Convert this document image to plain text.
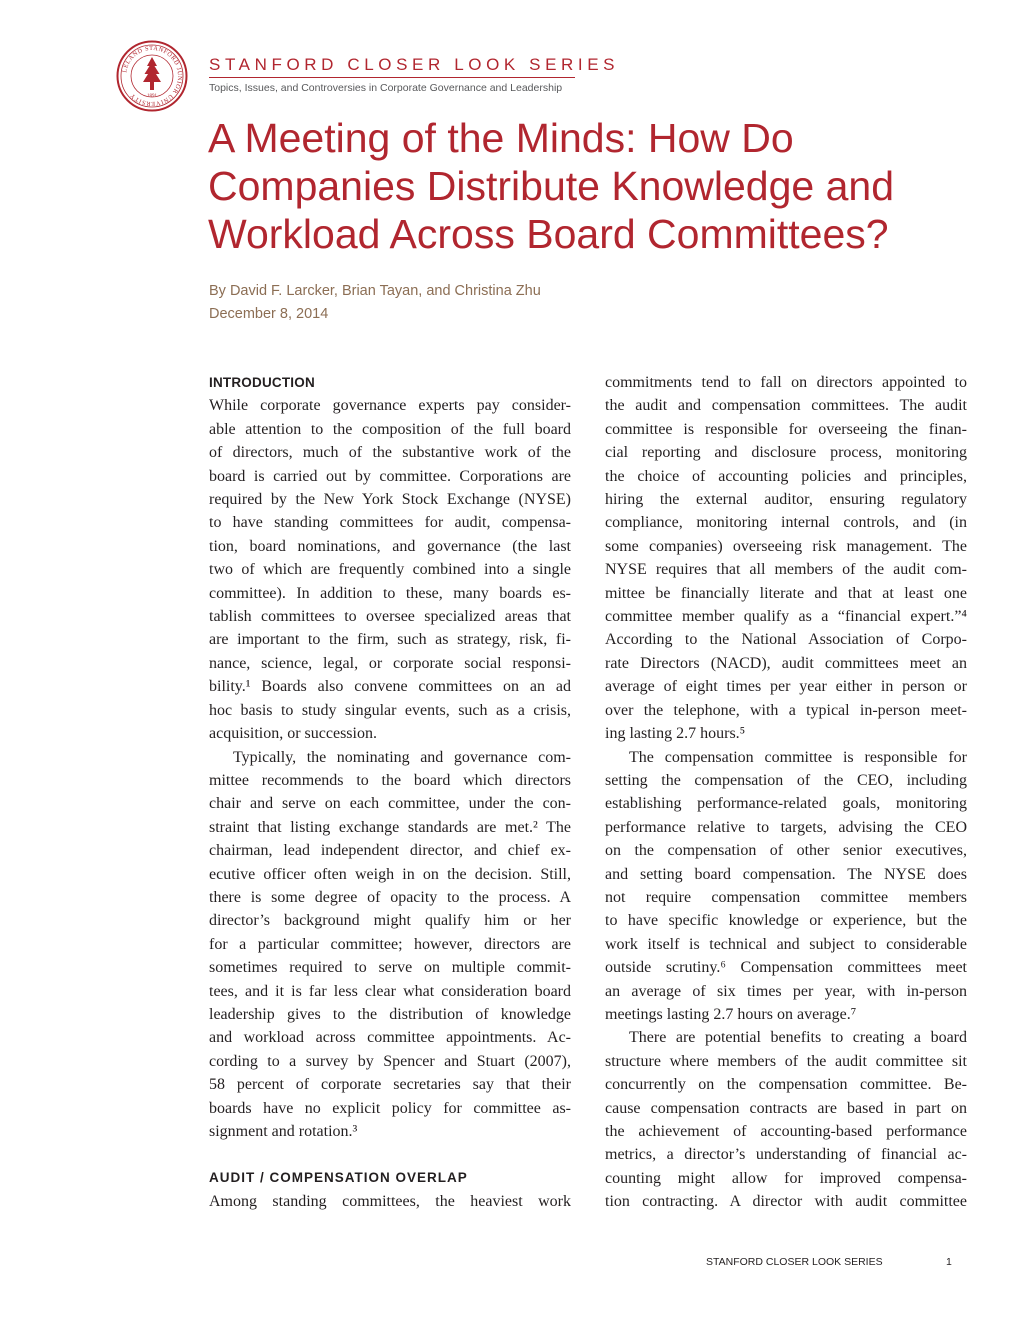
LELAND STANFORD JUNIOR UNIVERSITY	1891
STANFORD CLOSER LOOK SERIES
Topics, Issues, and Controversies in Corporate Governance and Leadership
A Meeting of the Minds: How Do
Companies Distribute Knowledge and
Workload Across Board Committees?
By David F. Larcker, Brian Tayan, and Christina Zhu
December 8, 2014
INTRODUCTION
While corporate governance experts pay consider-
able attention to the composition of the full board
of directors, much of the substantive work of the
board is carried out by committee. Corporations are
required by the New York Stock Exchange (NYSE)
to have standing committees for audit, compensa-
tion, board nominations, and governance (the last
two of which are frequently combined into a single
committee). In addition to these, many boards es-
tablish committees to oversee specialized areas that
are important to the firm, such as strategy, risk, fi-
nance, science, legal, or corporate social responsi-
bility.¹ Boards also convene committees on an ad
hoc basis to study singular events, such as a crisis,
acquisition, or succession.
Typically, the nominating and governance com-
mittee recommends to the board which directors
chair and serve on each committee, under the con-
straint that listing exchange standards are met.² The
chairman, lead independent director, and chief ex-
ecutive officer often weigh in on the decision. Still,
there is some degree of opacity to the process. A
director’s background might qualify him or her
for a particular committee; however, directors are
sometimes required to serve on multiple commit-
tees, and it is far less clear what consideration board
leadership gives to the distribution of knowledge
and workload across committee appointments. Ac-
cording to a survey by Spencer and Stuart (2007),
58 percent of corporate secretaries say that their
boards have no explicit policy for committee as-
signment and rotation.³
AUDIT / COMPENSATION OVERLAP
Among standing committees, the heaviest work
commitments tend to fall on directors appointed to
the audit and compensation committees. The audit
committee is responsible for overseeing the finan-
cial reporting and disclosure process, monitoring
the choice of accounting policies and principles,
hiring the external auditor, ensuring regulatory
compliance, monitoring internal controls, and (in
some companies) overseeing risk management. The
NYSE requires that all members of the audit com-
mittee be financially literate and that at least one
committee member qualify as a “financial expert.”⁴
According to the National Association of Corpo-
rate Directors (NACD), audit committees meet an
average of eight times per year either in person or
over the telephone, with a typical in-person meet-
ing lasting 2.7 hours.⁵
The compensation committee is responsible for
setting the compensation of the CEO, including
establishing performance-related goals, monitoring
performance relative to targets, advising the CEO
on the compensation of other senior executives,
and setting board compensation. The NYSE does
not require compensation committee members
to have specific knowledge or experience, but the
work itself is technical and subject to considerable
outside scrutiny.⁶ Compensation committees meet
an average of six times per year, with in-person
meetings lasting 2.7 hours on average.⁷
There are potential benefits to creating a board
structure where members of the audit committee sit
concurrently on the compensation committee. Be-
cause compensation contracts are based in part on
the achievement of accounting-based performance
metrics, a director’s understanding of financial ac-
counting might allow for improved compensa-
tion contracting. A director with audit committee
STANFORD CLOSER LOOK SERIES	1
